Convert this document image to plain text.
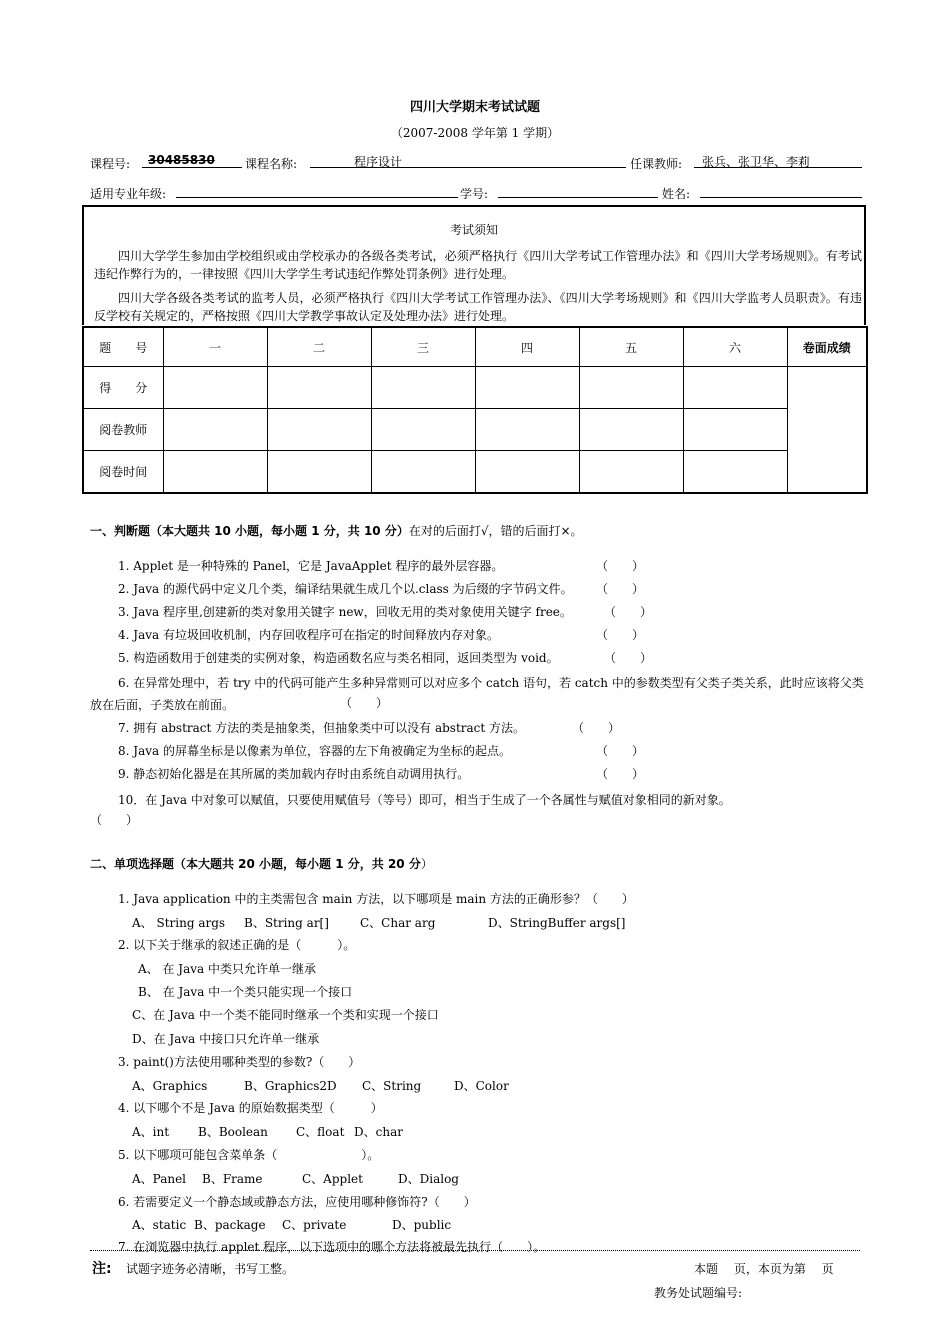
四川大学期末考试试题
（2007-2008 学年第 1 学期）
课程号: 30485830	课程名称:	程序设计	任课教师: 张兵、张卫华、李莉
适用专业年级:	学号:	姓名:
考试须知
四川大学学生参加由学校组织或由学校承办的各级各类考试，必须严格执行《四川大学考试工作管理办法》和《四川大学考场规则》。有考试违纪作弊行为的，一律按照《四川大学学生考试违纪作弊处罚条例》进行处理。
四川大学各级各类考试的监考人员，必须严格执行《四川大学考试工作管理办法》、《四川大学考场规则》和《四川大学监考人员职责》。有违反学校有关规定的，严格按照《四川大学教学事故认定及处理办法》进行处理。
题　　号	一	二	三	四	五	六	卷面成绩
得　　分							
阅卷教师							
阅卷时间							
一、判断题（本大题共 10 小题，每小题 1 分，共 10 分）在对的后面打√，错的后面打×。
1. Applet 是一种特殊的 Panel，它是 JavaApplet 程序的最外层容器。	（　　）
2. Java 的源代码中定义几个类，编译结果就生成几个以.class 为后缀的字节码文件。 （　　）
3. Java 程序里,创建新的类对象用关键字 new，回收无用的类对象使用关键字 free。	（　　）
4. Java 有垃圾回收机制，内存回收程序可在指定的时间释放内存对象。	（　　）
5. 构造函数用于创建类的实例对象，构造函数名应与类名相同，返回类型为 void。	（　　）
6. 在异常处理中，若 try 中的代码可能产生多种异常则可以对应多个 catch 语句，若 catch 中的参数类型有父类子类关系，此时应该将父类放在后面，子类放在前面。	（　　）
7. 拥有 abstract 方法的类是抽象类，但抽象类中可以没有 abstract 方法。	（　　）
8. Java 的屏幕坐标是以像素为单位，容器的左下角被确定为坐标的起点。	（　　）
9. 静态初始化器是在其所属的类加载内存时由系统自动调用执行。	（　　）
10．在 Java 中对象可以赋值，只要使用赋值号（等号）即可，相当于生成了一个各属性与赋值对象相同的新对象。
（　　）
二、单项选择题（本大题共 20 小题，每小题 1 分，共 20 分）
1. Java application 中的主类需包含 main 方法，以下哪项是 main 方法的正确形参？（　　）
A、 String args B、String ar[]	C、Char arg	D、StringBuffer args[]
2. 以下关于继承的叙述正确的是（　　　）。
A、 在 Java 中类只允许单一继承
B、 在 Java 中一个类只能实现一个接口
C、在 Java 中一个类不能同时继承一个类和实现一个接口
D、在 Java 中接口只允许单一继承
3. paint()方法使用哪种类型的参数?（　　）
A、Graphics	B、Graphics2D C、String	D、Color
4. 以下哪个不是 Java 的原始数据类型（　　　）
A、int B、Boolean C、float D、char
5. 以下哪项可能包含菜单条（　　　　　　　）。
A、Panel B、Frame	C、Applet	D、Dialog
6. 若需要定义一个静态域或静态方法，应使用哪种修饰符?（　　）
A、static B、package C、private	D、public
7. 在浏览器中执行 applet 程序，以下选项中的哪个方法将被最先执行（　　）。
注: 试题字迹务必清晰，书写工整。	本题　 页，本页为第　 页
教务处试题编号:
